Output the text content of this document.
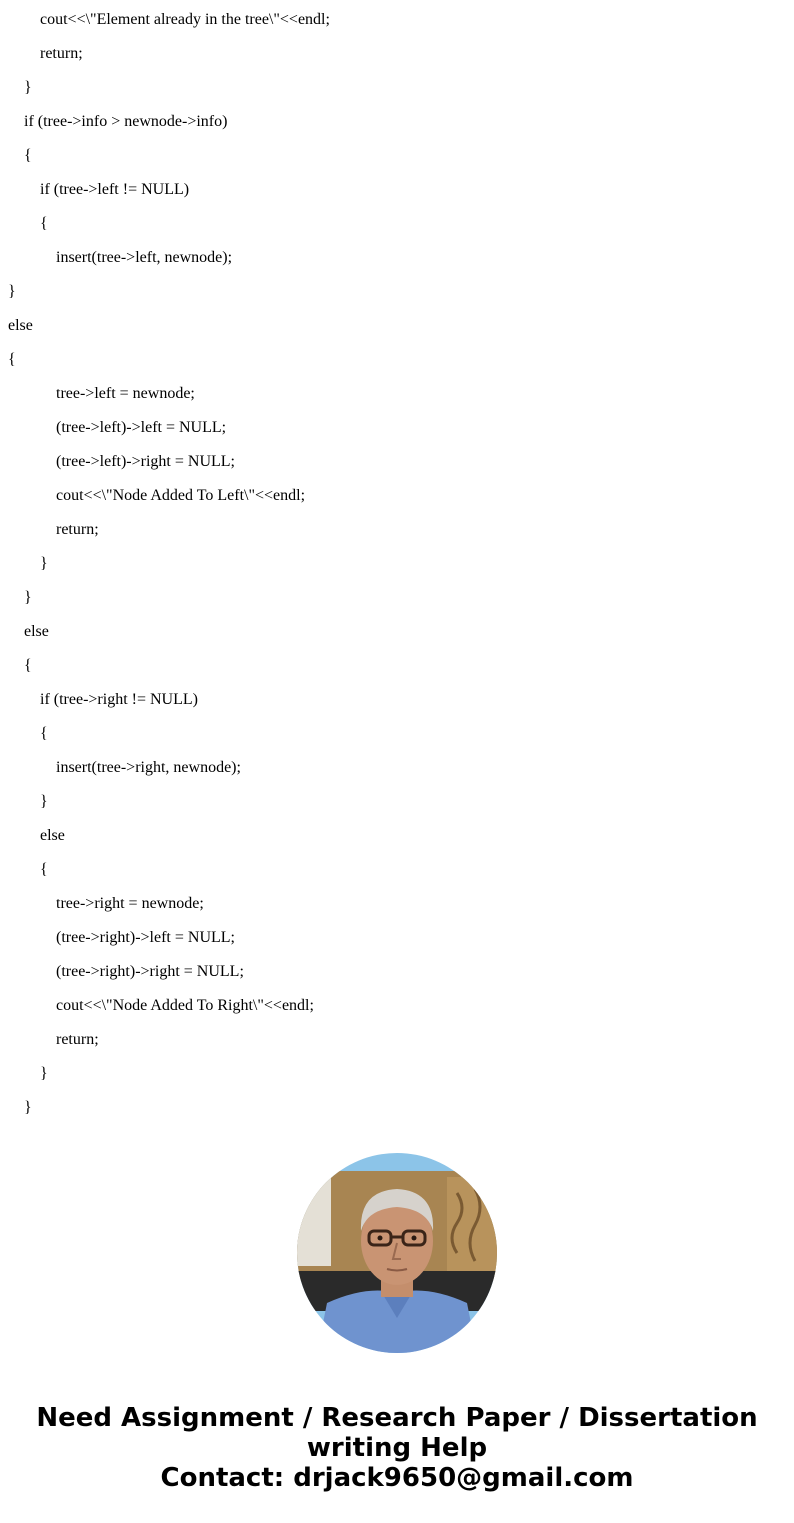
cout<<\"Element already in the tree\"<<endl;
return;
}
if (tree->info > newnode->info)
{
if (tree->left != NULL)
{
insert(tree->left, newnode);
}
else
{
tree->left = newnode;
(tree->left)->left = NULL;
(tree->left)->right = NULL;
cout<<\"Node Added To Left\"<<endl;
return;
}
}
else
{
if (tree->right != NULL)
{
insert(tree->right, newnode);
}
else
{
tree->right = newnode;
(tree->right)->left = NULL;
(tree->right)->right = NULL;
cout<<\"Node Added To Right\"<<endl;
return;
}
}
Need Assignment / Research Paper / Dissertation
writing Help
Contact: drjack9650@gmail.com
